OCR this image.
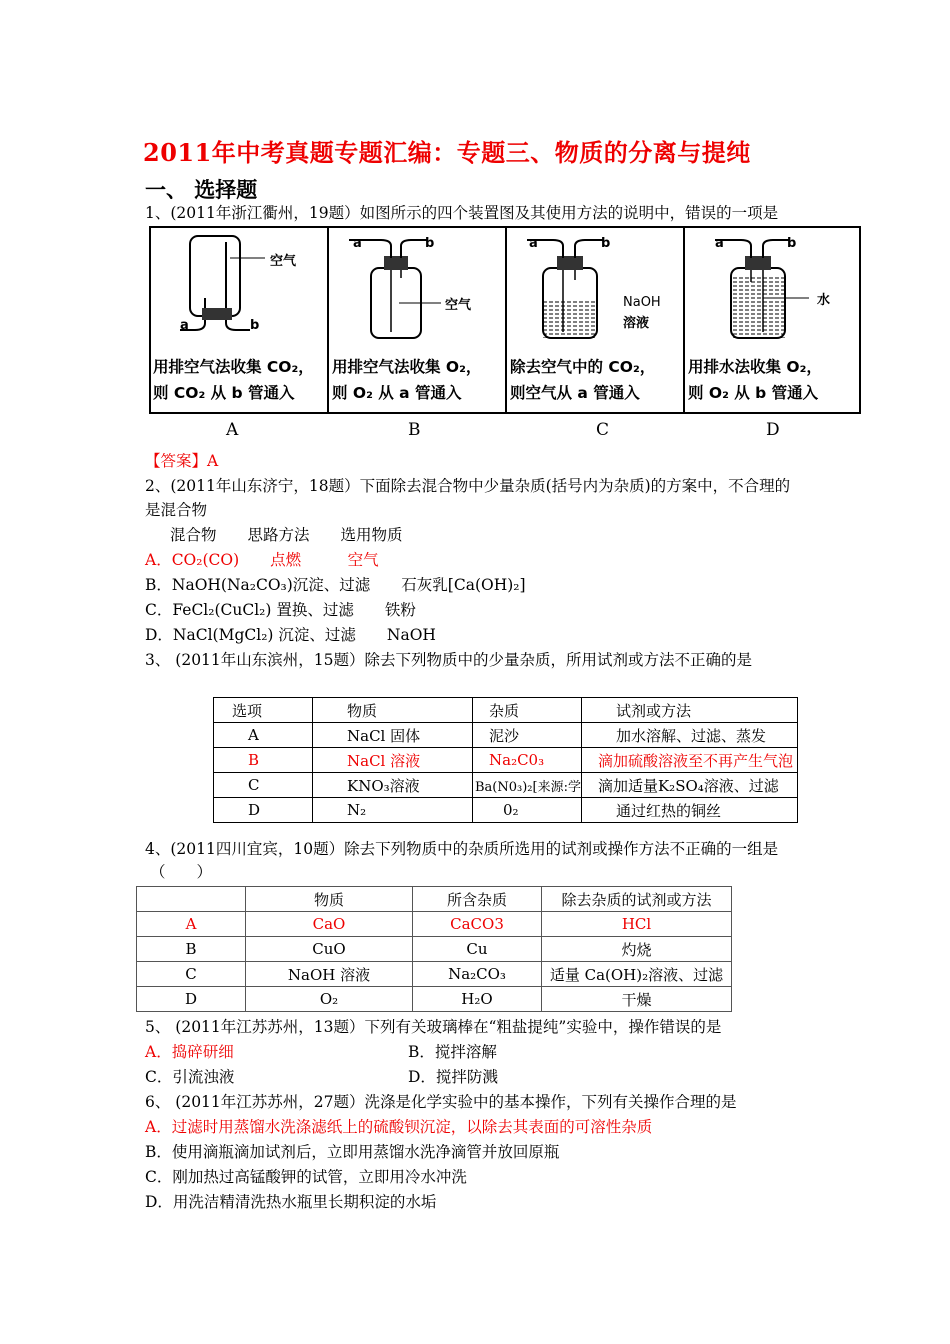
2011年中考真题专题汇编：专题三、物质的分离与提纯
一、 选择题
1、(2011年浙江衢州，19题）如图所示的四个装置图及其使用方法的说明中，错误的一项是
空气
a	b
用排空气法收集 CO₂，
则 CO₂ 从 b 管通入
a	b
空气
用排空气法收集 O₂，
则 O₂ 从 a 管通入
a	b
NaOH
溶液
除去空气中的 CO₂，
则空气从 a 管通入
a	b
水
用排水法收集 O₂，
则 O₂ 从 b 管通入
A	B	C	D
【答案】A
2、(2011年山东济宁，18题）下面除去混合物中少量杂质(括号内为杂质)的方案中，不合理的
是混合物
混合物　　思路方法　　选用物质
A．CO₂(CO)　　点燃　　　空气
B．NaOH(Na₂CO₃)沉淀、过滤　　石灰乳[Ca(OH)₂]
C．FeCl₂(CuCl₂) 置换、过滤　　铁粉
D．NaCl(MgCl₂) 沉淀、过滤　　NaOH
3、 (2011年山东滨州，15题）除去下列物质中的少量杂质，所用试剂或方法不正确的是
选项	物质	杂质	试剂或方法
A	NaCl 固体	泥沙	加水溶解、过滤、蒸发
B	NaCl 溶液	Na₂C0₃	滴加硫酸溶液至不再产生气泡
C	KNO₃溶液	Ba(N0₃)₂[来源:学	滴加适量K₂SO₄溶液、过滤
D	N₂	0₂	通过红热的铜丝
4、(2011四川宜宾，10题）除去下列物质中的杂质所选用的试剂或操作方法不正确的一组是
（　　）
	物质	所含杂质	除去杂质的试剂或方法
A	CaO	CaCO3	HCl
B	CuO	Cu	灼烧
C	NaOH 溶液	Na₂CO₃	适量 Ca(OH)₂溶液、过滤
D	O₂	H₂O	干燥
5、 (2011年江苏苏州，13题）下列有关玻璃棒在“粗盐提纯”实验中，操作错误的是
A．捣碎研细	B．搅拌溶解
C．引流浊液	D．搅拌防溅
6、 (2011年江苏苏州，27题）洗涤是化学实验中的基本操作，下列有关操作合理的是
A．过滤时用蒸馏水洗涤滤纸上的硫酸钡沉淀，以除去其表面的可溶性杂质
B．使用滴瓶滴加试剂后，立即用蒸馏水洗净滴管并放回原瓶
C．刚加热过高锰酸钾的试管，立即用冷水冲洗
D．用洗洁精清洗热水瓶里长期积淀的水垢
